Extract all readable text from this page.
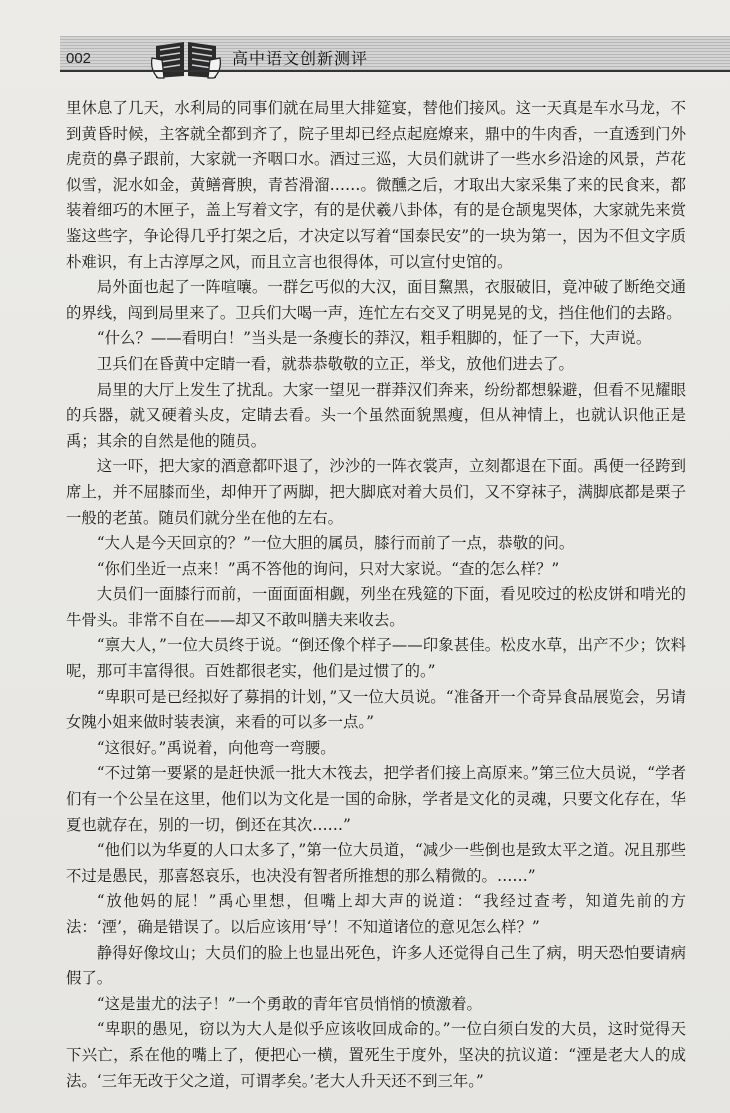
002	高中语文创新测评

里休息了几天，水利局的同事们就在局里大排筵宴，替他们接风。这一天真是车水马龙，不到黄昏时候，主客就全都到齐了，院子里却已经点起庭燎来，鼎中的牛肉香，一直透到门外虎贲的鼻子跟前，大家就一齐咽口水。酒过三巡，大员们就讲了一些水乡沿途的风景，芦花似雪，泥水如金，黄鳝膏腴，青苔滑溜……。微醺之后，才取出大家采集了来的民食来，都装着细巧的木匣子，盖上写着文字，有的是伏羲八卦体，有的是仓颉鬼哭体，大家就先来赏鉴这些字，争论得几乎打架之后，才决定以写着“国泰民安”的一块为第一，因为不但文字质朴难识，有上古淳厚之风，而且立言也很得体，可以宣付史馆的。

局外面也起了一阵喧嚷。一群乞丐似的大汉，面目黧黑，衣服破旧，竟冲破了断绝交通的界线，闯到局里来了。卫兵们大喝一声，连忙左右交叉了明晃晃的戈，挡住他们的去路。

“什么？——看明白！”当头是一条瘦长的莽汉，粗手粗脚的，怔了一下，大声说。

卫兵们在昏黄中定睛一看，就恭恭敬敬的立正，举戈，放他们进去了。

局里的大厅上发生了扰乱。大家一望见一群莽汉们奔来，纷纷都想躲避，但看不见耀眼的兵器，就又硬着头皮，定睛去看。头一个虽然面貌黑瘦，但从神情上，也就认识他正是禹；其余的自然是他的随员。

这一吓，把大家的酒意都吓退了，沙沙的一阵衣裳声，立刻都退在下面。禹便一径跨到席上，并不屈膝而坐，却伸开了两脚，把大脚底对着大员们，又不穿袜子，满脚底都是栗子一般的老茧。随员们就分坐在他的左右。

“大人是今天回京的？”一位大胆的属员，膝行而前了一点，恭敬的问。

“你们坐近一点来！”禹不答他的询问，只对大家说。“查的怎么样？”

大员们一面膝行而前，一面面面相觑，列坐在残筵的下面，看见咬过的松皮饼和啃光的牛骨头。非常不自在——却又不敢叫膳夫来收去。

“禀大人，”一位大员终于说。“倒还像个样子——印象甚佳。松皮水草，出产不少；饮料呢，那可丰富得很。百姓都很老实，他们是过惯了的。”

“卑职可是已经拟好了募捐的计划，”又一位大员说。“准备开一个奇异食品展览会，另请女隗小姐来做时装表演，来看的可以多一点。”

“这很好。”禹说着，向他弯一弯腰。

“不过第一要紧的是赶快派一批大木筏去，把学者们接上高原来。”第三位大员说，“学者们有一个公呈在这里，他们以为文化是一国的命脉，学者是文化的灵魂，只要文化存在，华夏也就存在，别的一切，倒还在其次……”

“他们以为华夏的人口太多了，”第一位大员道，“减少一些倒也是致太平之道。况且那些不过是愚民，那喜怒哀乐，也决没有智者所推想的那么精微的。……”

“放他妈的屁！”禹心里想，但嘴上却大声的说道：“我经过查考，知道先前的方法：‘湮’，确是错误了。以后应该用‘导’！不知道诸位的意见怎么样？”

静得好像坟山；大员们的脸上也显出死色，许多人还觉得自己生了病，明天恐怕要请病假了。

“这是蚩尤的法子！”一个勇敢的青年官员悄悄的愤激着。

“卑职的愚见，窃以为大人是似乎应该收回成命的。”一位白须白发的大员，这时觉得天下兴亡，系在他的嘴上了，便把心一横，置死生于度外，坚决的抗议道：“湮是老大人的成法。‘三年无改于父之道，可谓孝矣。’老大人升天还不到三年。”
